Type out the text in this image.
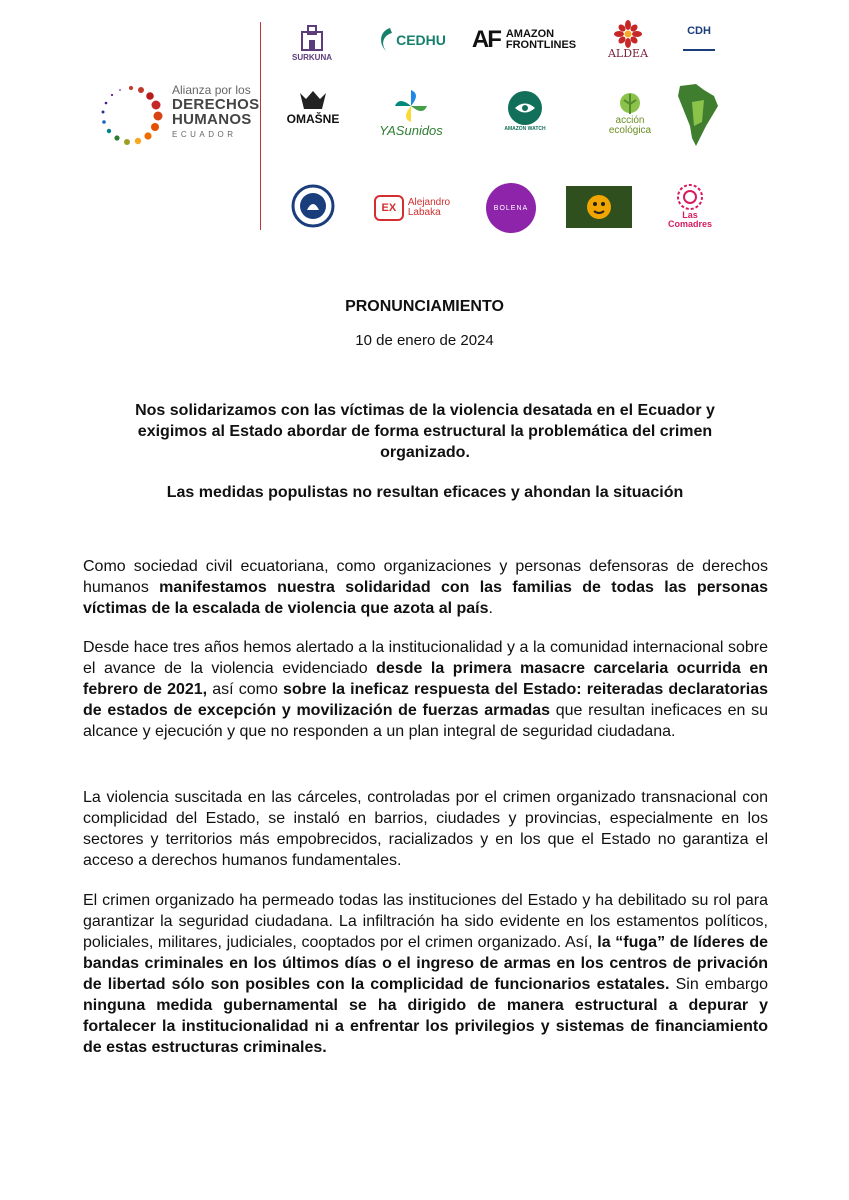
Alianza por los
DERECHOS
HUMANOS
ECUADOR
SURKUNA
CEDHU AF AMAZON
FRONTLINES
ALDEA
CDH
OMAŠNE
YASunidos	AMAZON WATCH
acción
ecológica
EX	Alejandro
Labaka	BOLENA
Las Comadres
PRONUNCIAMIENTO
10 de enero de 2024
Nos solidarizamos con las víctimas de la violencia desatada en el Ecuador y exigimos al Estado abordar de forma estructural la problemática del crimen organizado.
Las medidas populistas no resultan eficaces y ahondan la situación
Como sociedad civil ecuatoriana, como organizaciones y personas defensoras de derechos humanos manifestamos nuestra solidaridad con las familias de todas las personas víctimas de la escalada de violencia que azota al país.
Desde hace tres años hemos alertado a la institucionalidad y a la comunidad internacional sobre el avance de la violencia evidenciado desde la primera masacre carcelaria ocurrida en febrero de 2021, así como sobre la ineficaz respuesta del Estado: reiteradas declaratorias de estados de excepción y movilización de fuerzas armadas que resultan ineficaces en su alcance y ejecución y que no responden a un plan integral de seguridad ciudadana.
La violencia suscitada en las cárceles, controladas por el crimen organizado transnacional con complicidad del Estado, se instaló en barrios, ciudades y provincias, especialmente en los sectores y territorios más empobrecidos, racializados y en los que el Estado no garantiza el acceso a derechos humanos fundamentales.
El crimen organizado ha permeado todas las instituciones del Estado y ha debilitado su rol para garantizar la seguridad ciudadana. La infiltración ha sido evidente en los estamentos políticos, policiales, militares, judiciales, cooptados por el crimen organizado. Así, la “fuga” de líderes de bandas criminales en los últimos días o el ingreso de armas en los centros de privación de libertad sólo son posibles con la complicidad de funcionarios estatales. Sin embargo ninguna medida gubernamental se ha dirigido de manera estructural a depurar y fortalecer la institucionalidad ni a enfrentar los privilegios y sistemas de financiamiento de estas estructuras criminales.
